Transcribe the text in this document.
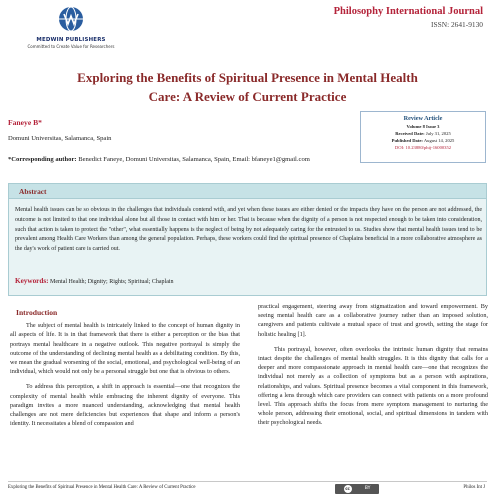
MEDWIN PUBLISHERS
Committed to Create Value for Researchers
Philosophy International Journal
ISSN: 2641-9130
Exploring the Benefits of Spiritual Presence in Mental Health
Care: A Review of Current Practice
Faneye B*
Domuni Universitas, Salamanca, Spain
*Corresponding author: Benedict Faneye, Domuni Universitas, Salamanca, Spain, Email: bfaneye1@gmail.com
Review Article
Volume 8 Issue 3
Received Date: July 31, 2025
Published Date: August 14, 2025
DOI: 10.23880/phij-16000352
Abstract
Mental health issues can be so obvious in the challenges that individuals contend with, and yet when these issues are either denied or the impacts they have on the person are not addressed, the outcome is not limited to that one individual alone but all those in contact with him or her. That is because when the dignity of a person is not respected enough to be taken into consideration, such that action is taken to protect the "other", what essentially happens is the neglect of being by not adequately caring for the entrusted to us. Studies show that mental health issues tend to be prevalent among Health Care Workers than among the general population. Perhaps, these workers could find the spiritual presence of Chaplains beneficial in a more collaborative atmosphere as the day's work of patient care is carried out.
Keywords: Mental Health; Dignity; Rights; Spiritual; Chaplain
Introduction
The subject of mental health is intricately linked to the concept of human dignity in all aspects of life. It is in that framework that there is either a perception or the bias that portrays mental healthcare in a negative outlook. This negative portrayal is simply the outcome of the understanding of declining mental health as a debilitating condition. By this, we mean the gradual worsening of the social, emotional, and psychological well-being of an individual, which would not only be a personal struggle but one that is obvious to others.
To address this perception, a shift in approach is essential—one that recognizes the complexity of mental health while embracing the inherent dignity of everyone. This paradigm invites a more nuanced understanding, acknowledging that mental health challenges are not mere deficiencies but experiences that shape and inform a person's identity. It necessitates a blend of compassion and
practical engagement, steering away from stigmatization and toward empowerment. By seeing mental health care as a collaborative journey rather than an imposed solution, caregivers and patients cultivate a mutual space of trust and growth, setting the stage for holistic healing [1].
This portrayal, however, often overlooks the intrinsic human dignity that remains intact despite the challenges of mental health struggles. It is this dignity that calls for a deeper and more compassionate approach in mental health care—one that recognizes the individual not merely as a collection of symptoms but as a person with aspirations, relationships, and values. Spiritual presence becomes a vital component in this framework, offering a lens through which care providers can connect with patients on a more profound level. This approach shifts the focus from mere symptom management to nurturing the whole person, addressing their emotional, social, and spiritual dimensions in tandem with their psychological needs.
Exploring the Benefits of Spiritual Presence in Mental Health Care: A Review of Current Practice	cc	BY	Philos Int J
